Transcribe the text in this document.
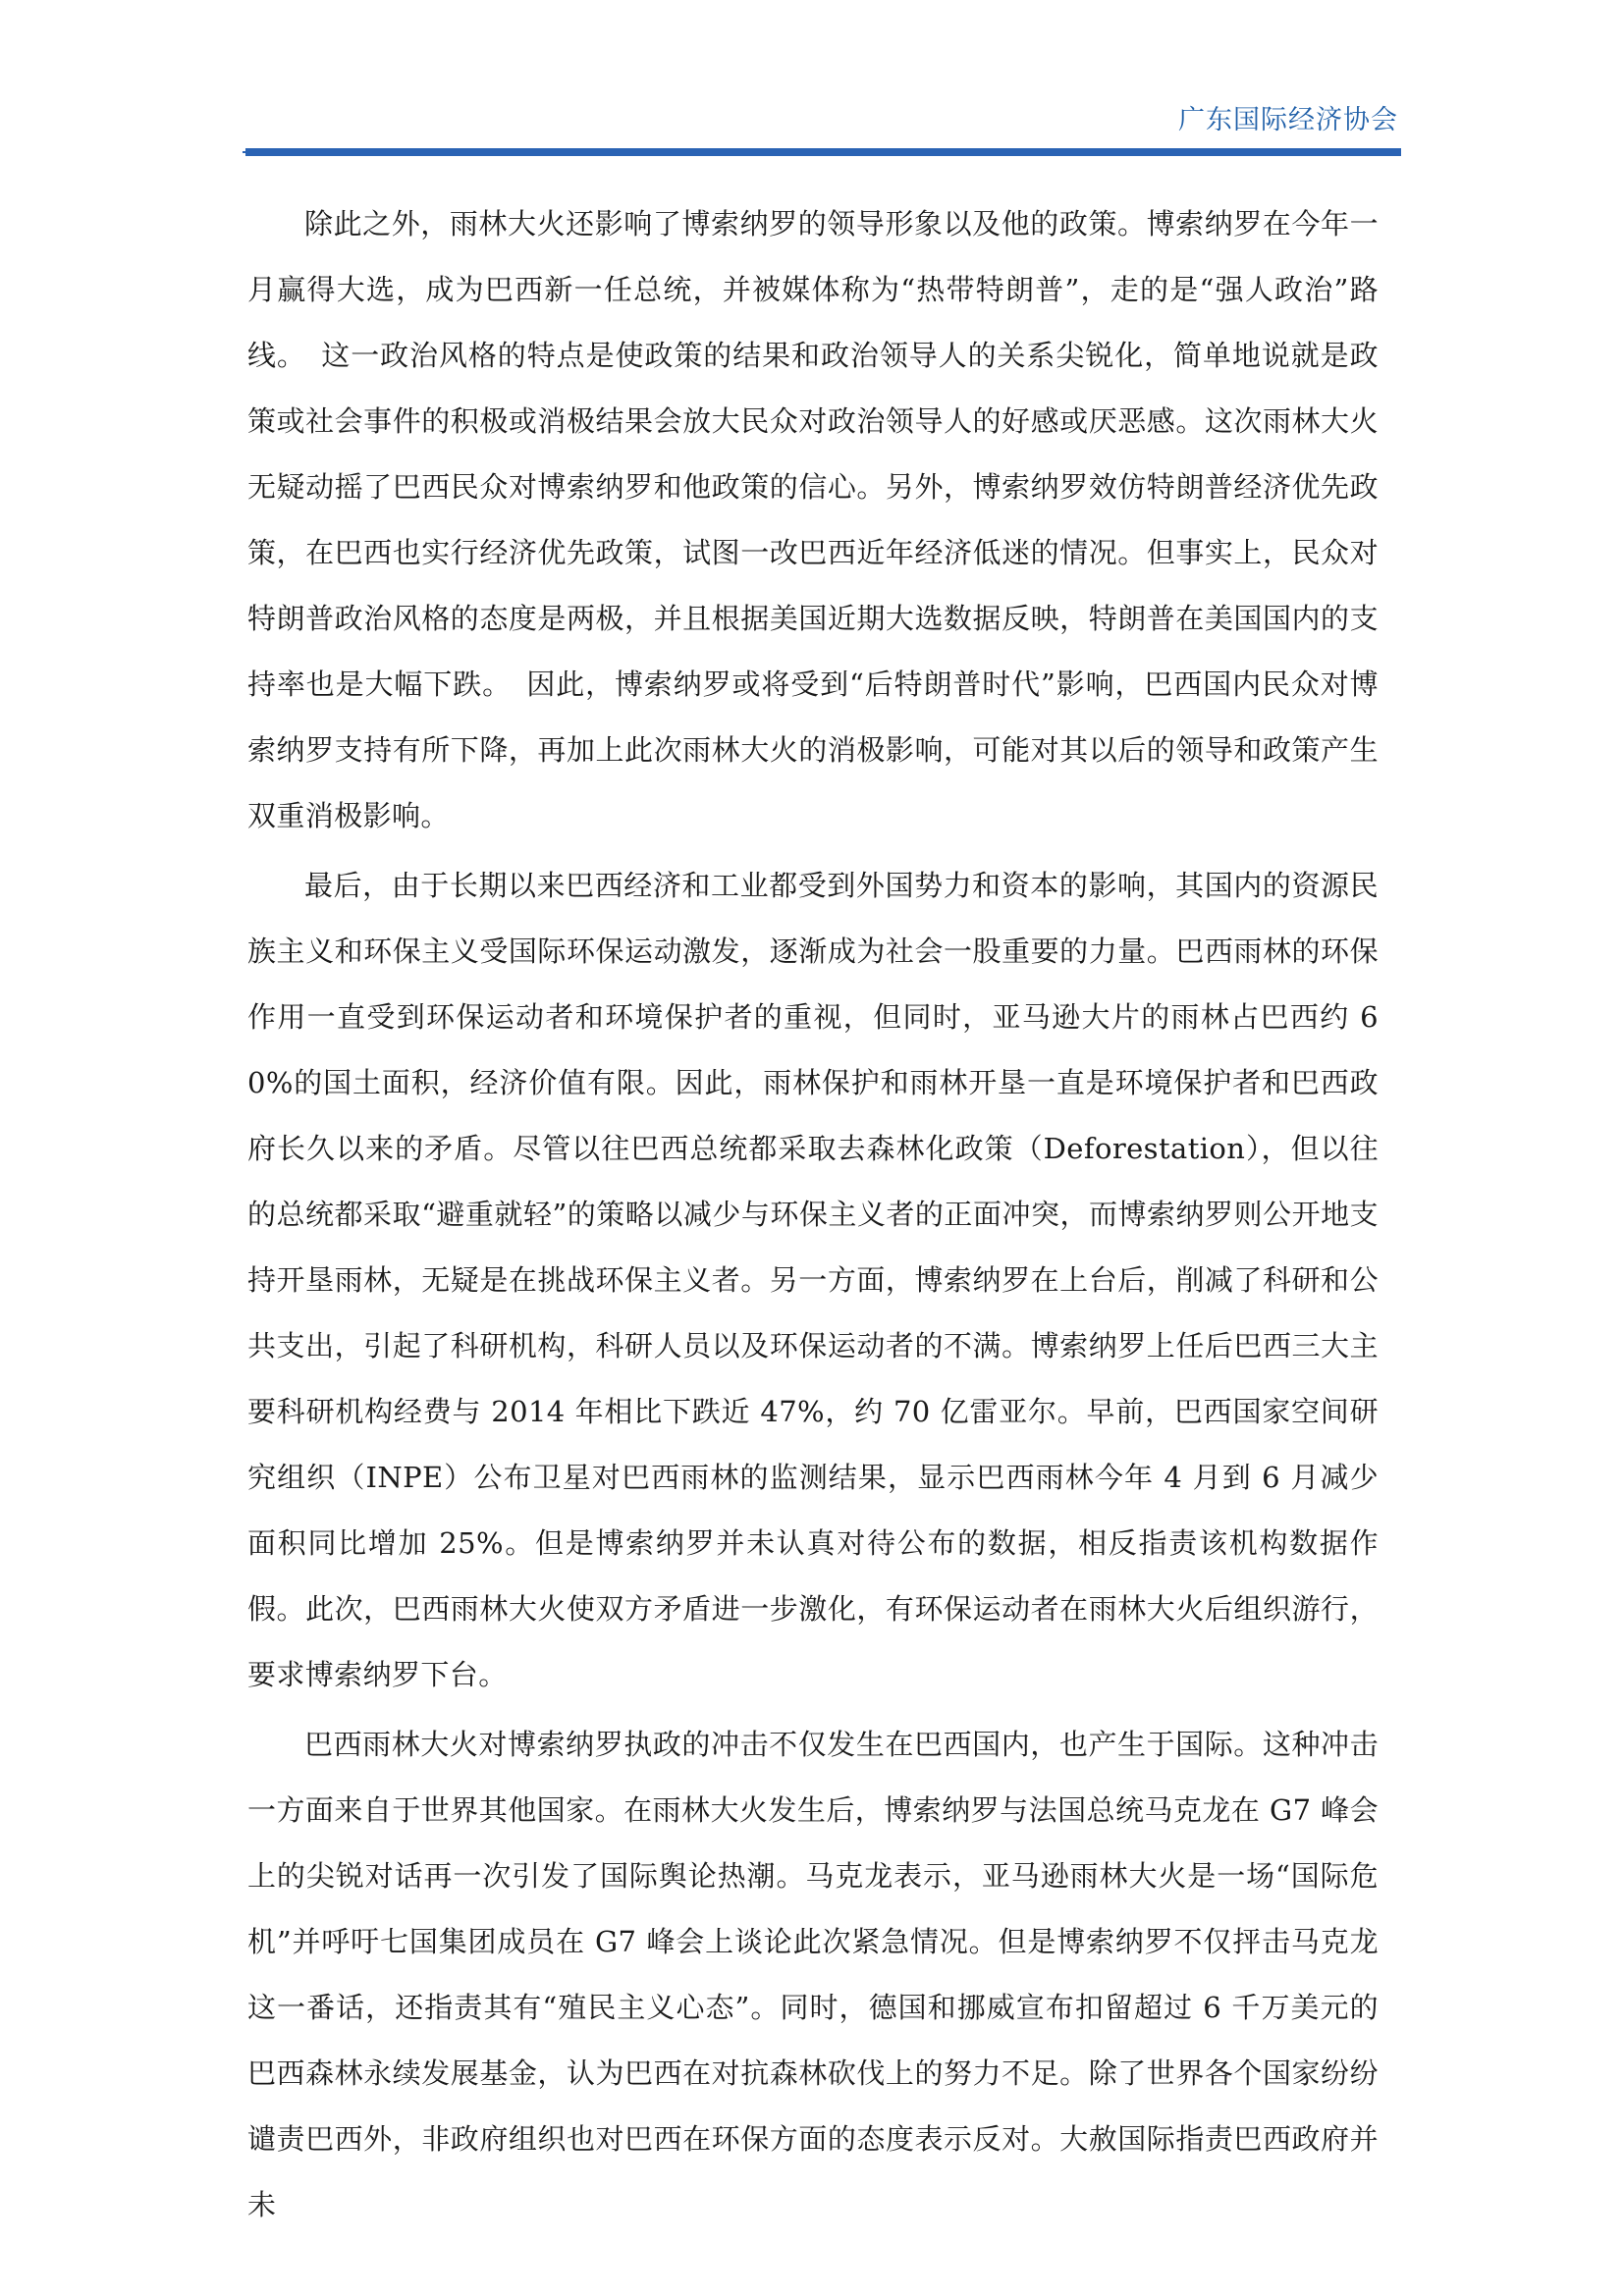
广东国际经济协会

除此之外，雨林大火还影响了博索纳罗的领导形象以及他的政策。博索纳罗在今年一月赢得大选，成为巴西新一任总统，并被媒体称为“热带特朗普”，走的是“强人政治”路线。　这一政治风格的特点是使政策的结果和政治领导人的关系尖锐化，简单地说就是政策或社会事件的积极或消极结果会放大民众对政治领导人的好感或厌恶感。这次雨林大火无疑动摇了巴西民众对博索纳罗和他政策的信心。另外，博索纳罗效仿特朗普经济优先政策，在巴西也实行经济优先政策，试图一改巴西近年经济低迷的情况。但事实上，民众对特朗普政治风格的态度是两极，并且根据美国近期大选数据反映，特朗普在美国国内的支持率也是大幅下跌。　因此，博索纳罗或将受到“后特朗普时代”影响，巴西国内民众对博索纳罗支持有所下降，再加上此次雨林大火的消极影响，可能对其以后的领导和政策产生双重消极影响。

最后，由于长期以来巴西经济和工业都受到外国势力和资本的影响，其国内的资源民族主义和环保主义受国际环保运动激发，逐渐成为社会一股重要的力量。巴西雨林的环保作用一直受到环保运动者和环境保护者的重视，但同时，亚马逊大片的雨林占巴西约 60%的国土面积，经济价值有限。因此，雨林保护和雨林开垦一直是环境保护者和巴西政府长久以来的矛盾。尽管以往巴西总统都采取去森林化政策（Deforestation），但以往的总统都采取“避重就轻”的策略以减少与环保主义者的正面冲突，而博索纳罗则公开地支持开垦雨林，无疑是在挑战环保主义者。另一方面，博索纳罗在上台后，削减了科研和公共支出，引起了科研机构，科研人员以及环保运动者的不满。博索纳罗上任后巴西三大主要科研机构经费与 2014 年相比下跌近 47%，约 70 亿雷亚尔。早前，巴西国家空间研究组织（INPE）公布卫星对巴西雨林的监测结果，显示巴西雨林今年 4 月到 6 月减少面积同比增加 25%。但是博索纳罗并未认真对待公布的数据，相反指责该机构数据作假。此次，巴西雨林大火使双方矛盾进一步激化，有环保运动者在雨林大火后组织游行，要求博索纳罗下台。

巴西雨林大火对博索纳罗执政的冲击不仅发生在巴西国内，也产生于国际。这种冲击一方面来自于世界其他国家。在雨林大火发生后，博索纳罗与法国总统马克龙在 G7 峰会上的尖锐对话再一次引发了国际舆论热潮。马克龙表示，亚马逊雨林大火是一场“国际危机”并呼吁七国集团成员在 G7 峰会上谈论此次紧急情况。但是博索纳罗不仅抨击马克龙这一番话，还指责其有“殖民主义心态”。同时，德国和挪威宣布扣留超过 6 千万美元的巴西森林永续发展基金，认为巴西在对抗森林砍伐上的努力不足。除了世界各个国家纷纷谴责巴西外，非政府组织也对巴西在环保方面的态度表示反对。大赦国际指责巴西政府并未
